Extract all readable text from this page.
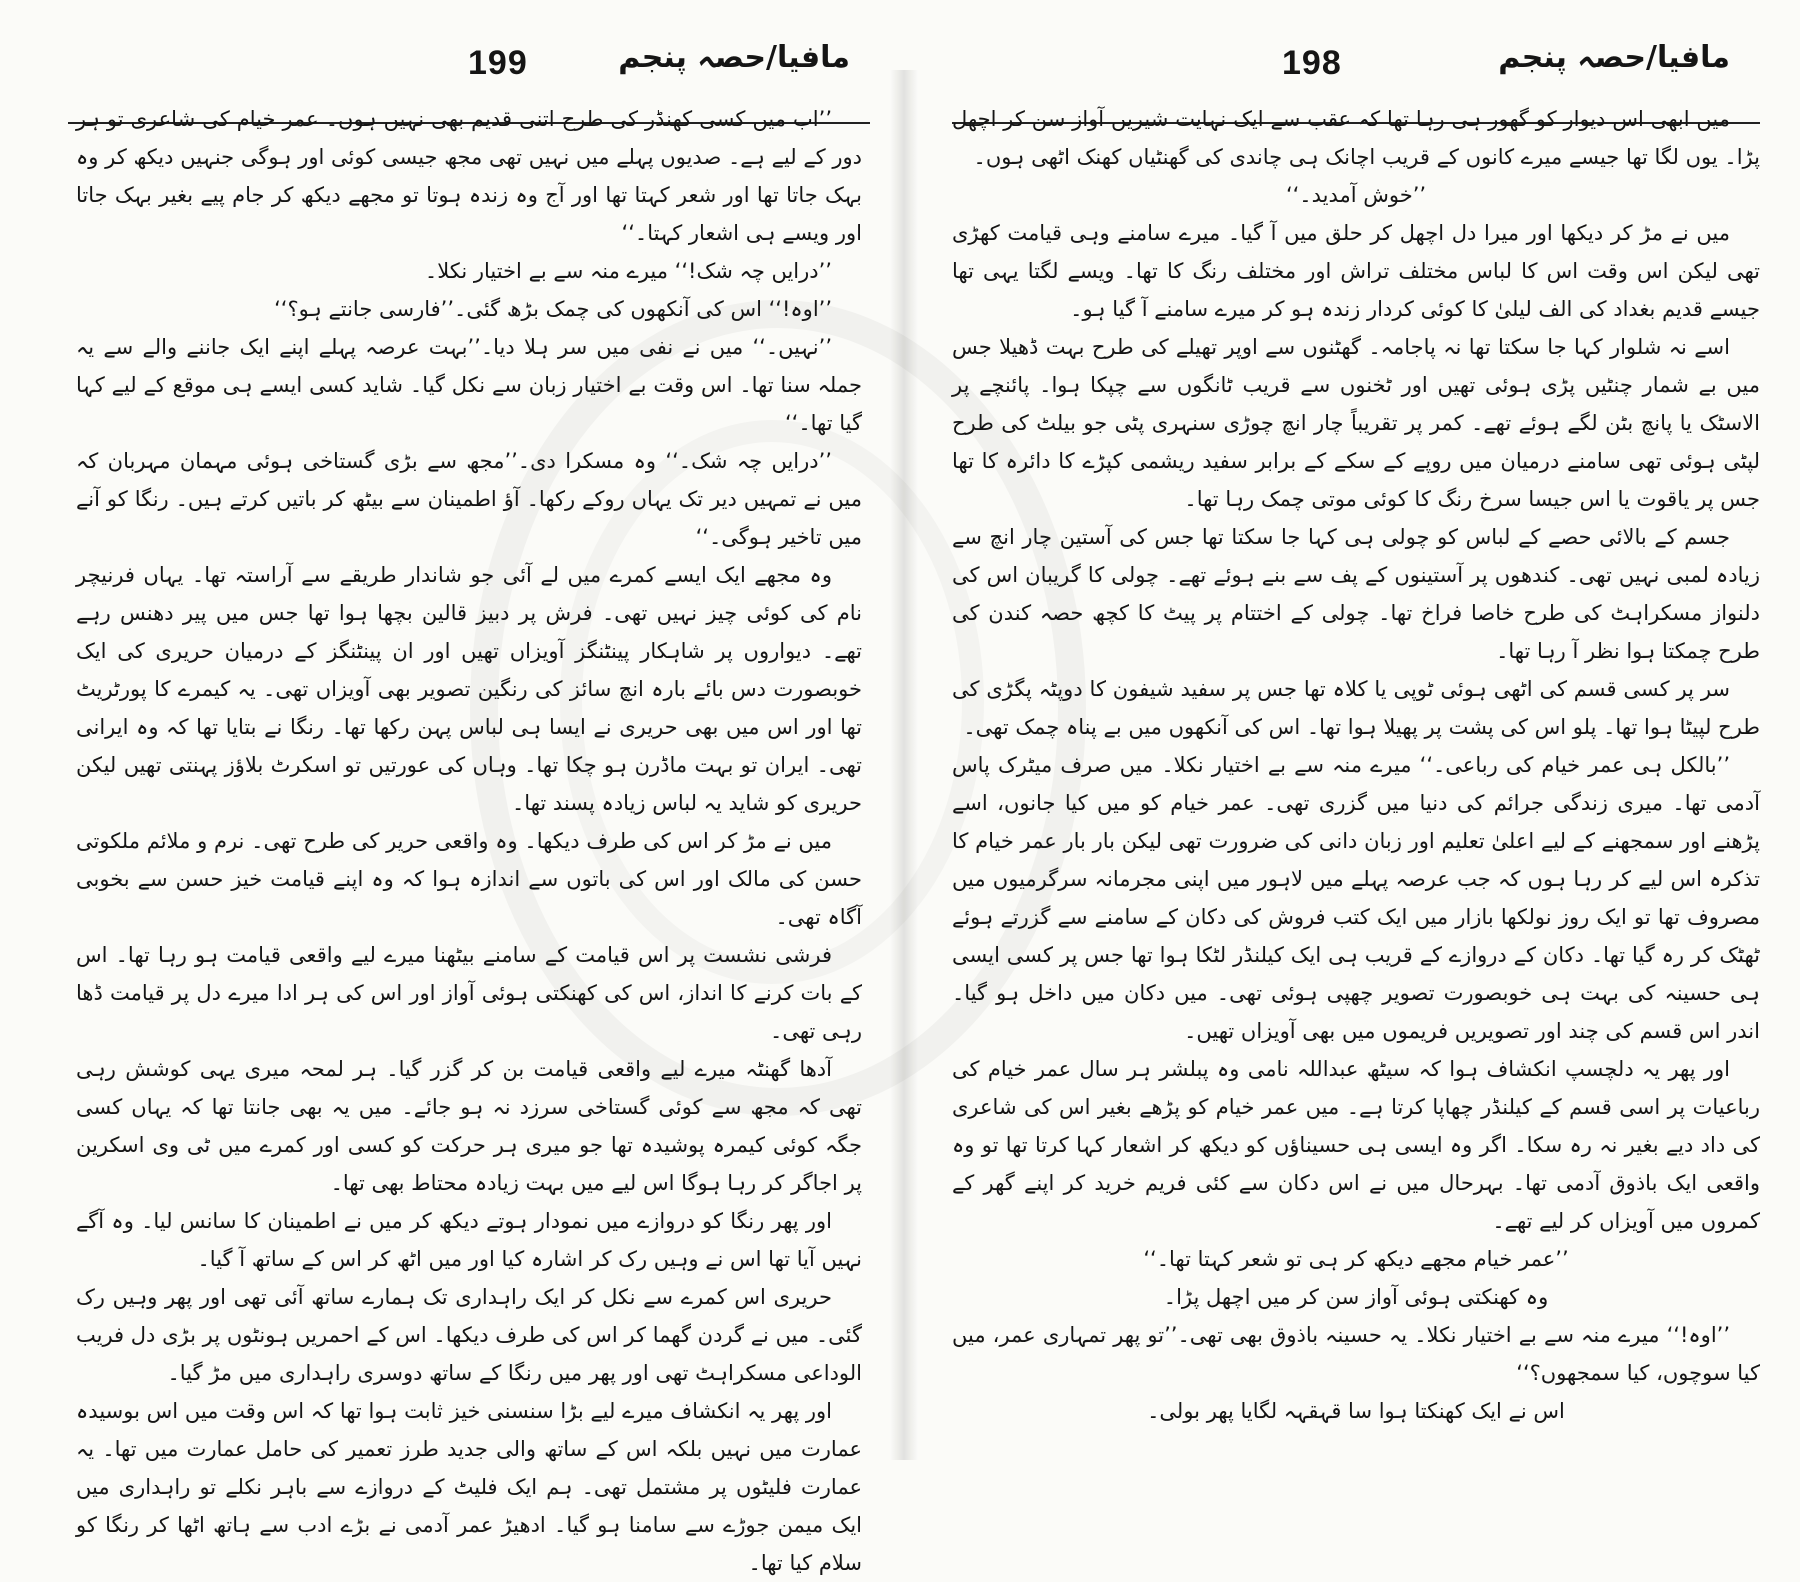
199	مافیا/حصہ پنجم

’’اب میں کسی کھنڈر کی طرح اتنی قدیم بھی نہیں ہوں۔ عمر خیام کی شاعری تو ہر دور کے لیے ہے۔ صدیوں پہلے میں نہیں تھی مجھ جیسی کوئی اور ہوگی جنہیں دیکھ کر وہ بہک جاتا تھا اور شعر کہتا تھا اور آج وہ زندہ ہوتا تو مجھے دیکھ کر جام پیے بغیر بہک جاتا اور ویسے ہی اشعار کہتا۔‘‘

’’درایں چہ شک!‘‘ میرے منہ سے بے اختیار نکلا۔

’’اوہ!‘‘ اس کی آنکھوں کی چمک بڑھ گئی۔’’فارسی جانتے ہو؟‘‘

’’نہیں۔‘‘ میں نے نفی میں سر ہلا دیا۔’’بہت عرصہ پہلے اپنے ایک جاننے والے سے یہ جملہ سنا تھا۔ اس وقت بے اختیار زبان سے نکل گیا۔ شاید کسی ایسے ہی موقع کے لیے کہا گیا تھا۔‘‘

’’درایں چہ شک۔‘‘ وہ مسکرا دی۔’’مجھ سے بڑی گستاخی ہوئی مہمان مہربان کہ میں نے تمہیں دیر تک یہاں روکے رکھا۔ آؤ اطمینان سے بیٹھ کر باتیں کرتے ہیں۔ رنگا کو آنے میں تاخیر ہوگی۔‘‘

وہ مجھے ایک ایسے کمرے میں لے آئی جو شاندار طریقے سے آراستہ تھا۔ یہاں فرنیچر نام کی کوئی چیز نہیں تھی۔ فرش پر دبیز قالین بچھا ہوا تھا جس میں پیر دھنس رہے تھے۔ دیواروں پر شاہکار پینٹنگز آویزاں تھیں اور ان پینٹنگز کے درمیان حریری کی ایک خوبصورت دس بائے بارہ انچ سائز کی رنگین تصویر بھی آویزاں تھی۔ یہ کیمرے کا پورٹریٹ تھا اور اس میں بھی حریری نے ایسا ہی لباس پہن رکھا تھا۔ رنگا نے بتایا تھا کہ وہ ایرانی تھی۔ ایران تو بہت ماڈرن ہو چکا تھا۔ وہاں کی عورتیں تو اسکرٹ بلاؤز پہنتی تھیں لیکن حریری کو شاید یہ لباس زیادہ پسند تھا۔

میں نے مڑ کر اس کی طرف دیکھا۔ وہ واقعی حریر کی طرح تھی۔ نرم و ملائم ملکوتی حسن کی مالک اور اس کی باتوں سے اندازہ ہوا کہ وہ اپنے قیامت خیز حسن سے بخوبی آگاہ تھی۔

فرشی نشست پر اس قیامت کے سامنے بیٹھنا میرے لیے واقعی قیامت ہو رہا تھا۔ اس کے بات کرنے کا انداز، اس کی کھنکتی ہوئی آواز اور اس کی ہر ادا میرے دل پر قیامت ڈھا رہی تھی۔

آدھا گھنٹہ میرے لیے واقعی قیامت بن کر گزر گیا۔ ہر لمحہ میری یہی کوشش رہی تھی کہ مجھ سے کوئی گستاخی سرزد نہ ہو جائے۔ میں یہ بھی جانتا تھا کہ یہاں کسی جگہ کوئی کیمرہ پوشیدہ تھا جو میری ہر حرکت کو کسی اور کمرے میں ٹی وی اسکرین پر اجاگر کر رہا ہوگا اس لیے میں بہت زیادہ محتاط بھی تھا۔

اور پھر رنگا کو دروازے میں نمودار ہوتے دیکھ کر میں نے اطمینان کا سانس لیا۔ وہ آگے نہیں آیا تھا اس نے وہیں رک کر اشارہ کیا اور میں اٹھ کر اس کے ساتھ آ گیا۔

حریری اس کمرے سے نکل کر ایک راہداری تک ہمارے ساتھ آئی تھی اور پھر وہیں رک گئی۔ میں نے گردن گھما کر اس کی طرف دیکھا۔ اس کے احمریں ہونٹوں پر بڑی دل فریب الوداعی مسکراہٹ تھی اور پھر میں رنگا کے ساتھ دوسری راہداری میں مڑ گیا۔

اور پھر یہ انکشاف میرے لیے بڑا سنسنی خیز ثابت ہوا تھا کہ اس وقت میں اس بوسیدہ عمارت میں نہیں بلکہ اس کے ساتھ والی جدید طرز تعمیر کی حامل عمارت میں تھا۔ یہ عمارت فلیٹوں پر مشتمل تھی۔ ہم ایک فلیٹ کے دروازے سے باہر نکلے تو راہداری میں ایک میمن جوڑے سے سامنا ہو گیا۔ ادھیڑ عمر آدمی نے بڑے ادب سے ہاتھ اٹھا کر رنگا کو سلام کیا تھا۔

198	مافیا/حصہ پنجم

میں ابھی اس دیوار کو گھور ہی رہا تھا کہ عقب سے ایک نہایت شیریں آواز سن کر اچھل پڑا۔ یوں لگا تھا جیسے میرے کانوں کے قریب اچانک ہی چاندی کی گھنٹیاں کھنک اٹھی ہوں۔

’’خوش آمدید۔‘‘

میں نے مڑ کر دیکھا اور میرا دل اچھل کر حلق میں آ گیا۔ میرے سامنے وہی قیامت کھڑی تھی لیکن اس وقت اس کا لباس مختلف تراش اور مختلف رنگ کا تھا۔ ویسے لگتا یہی تھا جیسے قدیم بغداد کی الف لیلیٰ کا کوئی کردار زندہ ہو کر میرے سامنے آ گیا ہو۔

اسے نہ شلوار کہا جا سکتا تھا نہ پاجامہ۔ گھٹنوں سے اوپر تھیلے کی طرح بہت ڈھیلا جس میں بے شمار چنٹیں پڑی ہوئی تھیں اور ٹخنوں سے قریب ٹانگوں سے چپکا ہوا۔ پائنچے پر الاسٹک یا پانچ بٹن لگے ہوئے تھے۔ کمر پر تقریباً چار انچ چوڑی سنہری پٹی جو بیلٹ کی طرح لپٹی ہوئی تھی سامنے درمیان میں روپے کے سکے کے برابر سفید ریشمی کپڑے کا دائرہ کا تھا جس پر یاقوت یا اس جیسا سرخ رنگ کا کوئی موتی چمک رہا تھا۔

جسم کے بالائی حصے کے لباس کو چولی ہی کہا جا سکتا تھا جس کی آستین چار انچ سے زیادہ لمبی نہیں تھی۔ کندھوں پر آستینوں کے پف سے بنے ہوئے تھے۔ چولی کا گریبان اس کی دلنواز مسکراہٹ کی طرح خاصا فراخ تھا۔ چولی کے اختتام پر پیٹ کا کچھ حصہ کندن کی طرح چمکتا ہوا نظر آ رہا تھا۔

سر پر کسی قسم کی اٹھی ہوئی ٹوپی یا کلاہ تھا جس پر سفید شیفون کا دوپٹہ پگڑی کی طرح لپیٹا ہوا تھا۔ پلو اس کی پشت پر پھیلا ہوا تھا۔ اس کی آنکھوں میں بے پناہ چمک تھی۔

’’بالکل ہی عمر خیام کی رباعی۔‘‘ میرے منہ سے بے اختیار نکلا۔ میں صرف میٹرک پاس آدمی تھا۔ میری زندگی جرائم کی دنیا میں گزری تھی۔ عمر خیام کو میں کیا جانوں، اسے پڑھنے اور سمجھنے کے لیے اعلیٰ تعلیم اور زبان دانی کی ضرورت تھی لیکن بار بار عمر خیام کا تذکرہ اس لیے کر رہا ہوں کہ جب عرصہ پہلے میں لاہور میں اپنی مجرمانہ سرگرمیوں میں مصروف تھا تو ایک روز نولکھا بازار میں ایک کتب فروش کی دکان کے سامنے سے گزرتے ہوئے ٹھٹک کر رہ گیا تھا۔ دکان کے دروازے کے قریب ہی ایک کیلنڈر لٹکا ہوا تھا جس پر کسی ایسی ہی حسینہ کی بہت ہی خوبصورت تصویر چھپی ہوئی تھی۔ میں دکان میں داخل ہو گیا۔ اندر اس قسم کی چند اور تصویریں فریموں میں بھی آویزاں تھیں۔

اور پھر یہ دلچسپ انکشاف ہوا کہ سیٹھ عبداللہ نامی وہ پبلشر ہر سال عمر خیام کی رباعیات پر اسی قسم کے کیلنڈر چھاپا کرتا ہے۔ میں عمر خیام کو پڑھے بغیر اس کی شاعری کی داد دیے بغیر نہ رہ سکا۔ اگر وہ ایسی ہی حسیناؤں کو دیکھ کر اشعار کہا کرتا تھا تو وہ واقعی ایک باذوق آدمی تھا۔ بہرحال میں نے اس دکان سے کئی فریم خرید کر اپنے گھر کے کمروں میں آویزاں کر لیے تھے۔

’’عمر خیام مجھے دیکھ کر ہی تو شعر کہتا تھا۔‘‘

وہ کھنکتی ہوئی آواز سن کر میں اچھل پڑا۔

’’اوہ!‘‘ میرے منہ سے بے اختیار نکلا۔ یہ حسینہ باذوق بھی تھی۔’’تو پھر تمہاری عمر، میں کیا سوچوں، کیا سمجھوں؟‘‘

اس نے ایک کھنکتا ہوا سا قہقہہ لگایا پھر بولی۔
